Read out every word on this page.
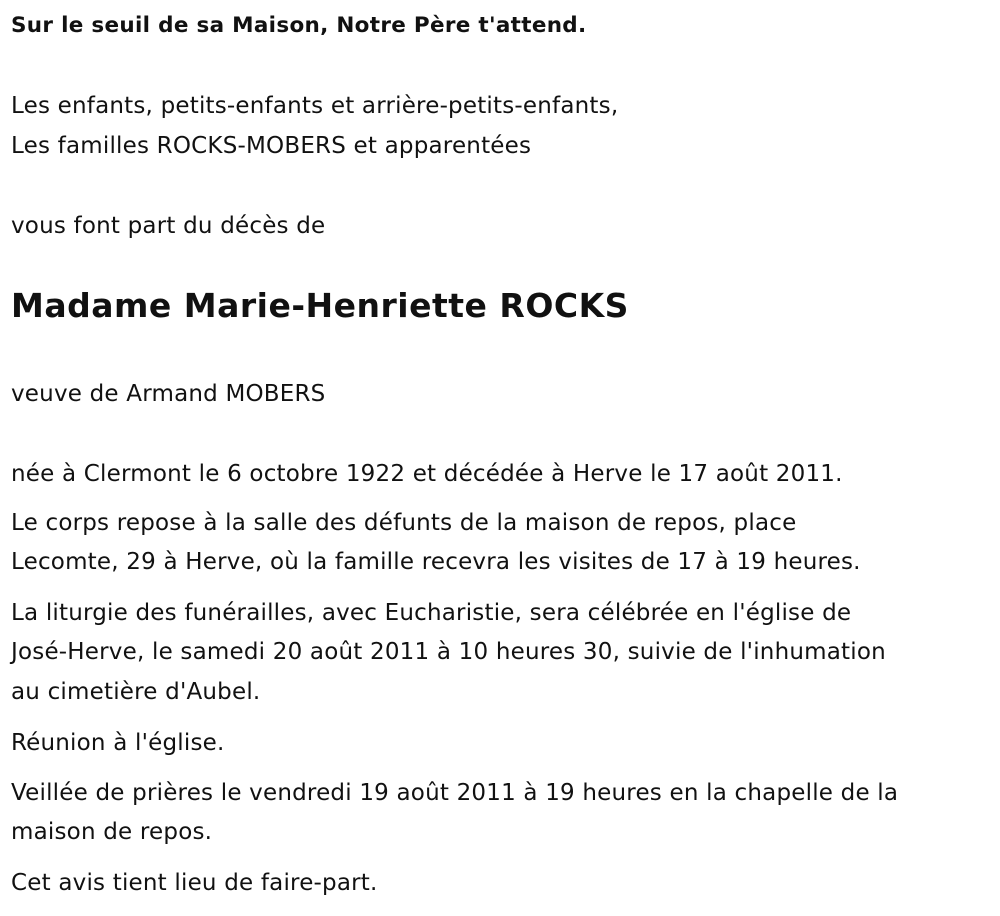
Sur le seuil de sa Maison, Notre Père t'attend.
Les enfants, petits-enfants et arrière-petits-enfants,
Les familles ROCKS-MOBERS et apparentées
vous font part du décès de
Madame Marie-Henriette ROCKS
veuve de Armand MOBERS
née à Clermont le 6 octobre 1922 et décédée à Herve le 17 août 2011.
Le corps repose à la salle des défunts de la maison de repos, place
Lecomte, 29 à Herve, où la famille recevra les visites de 17 à 19 heures.
La liturgie des funérailles, avec Eucharistie, sera célébrée en l'église de
José-Herve, le samedi 20 août 2011 à 10 heures 30, suivie de l'inhumation
au cimetière d'Aubel.
Réunion à l'église.
Veillée de prières le vendredi 19 août 2011 à 19 heures en la chapelle de la
maison de repos.
Cet avis tient lieu de faire-part.
